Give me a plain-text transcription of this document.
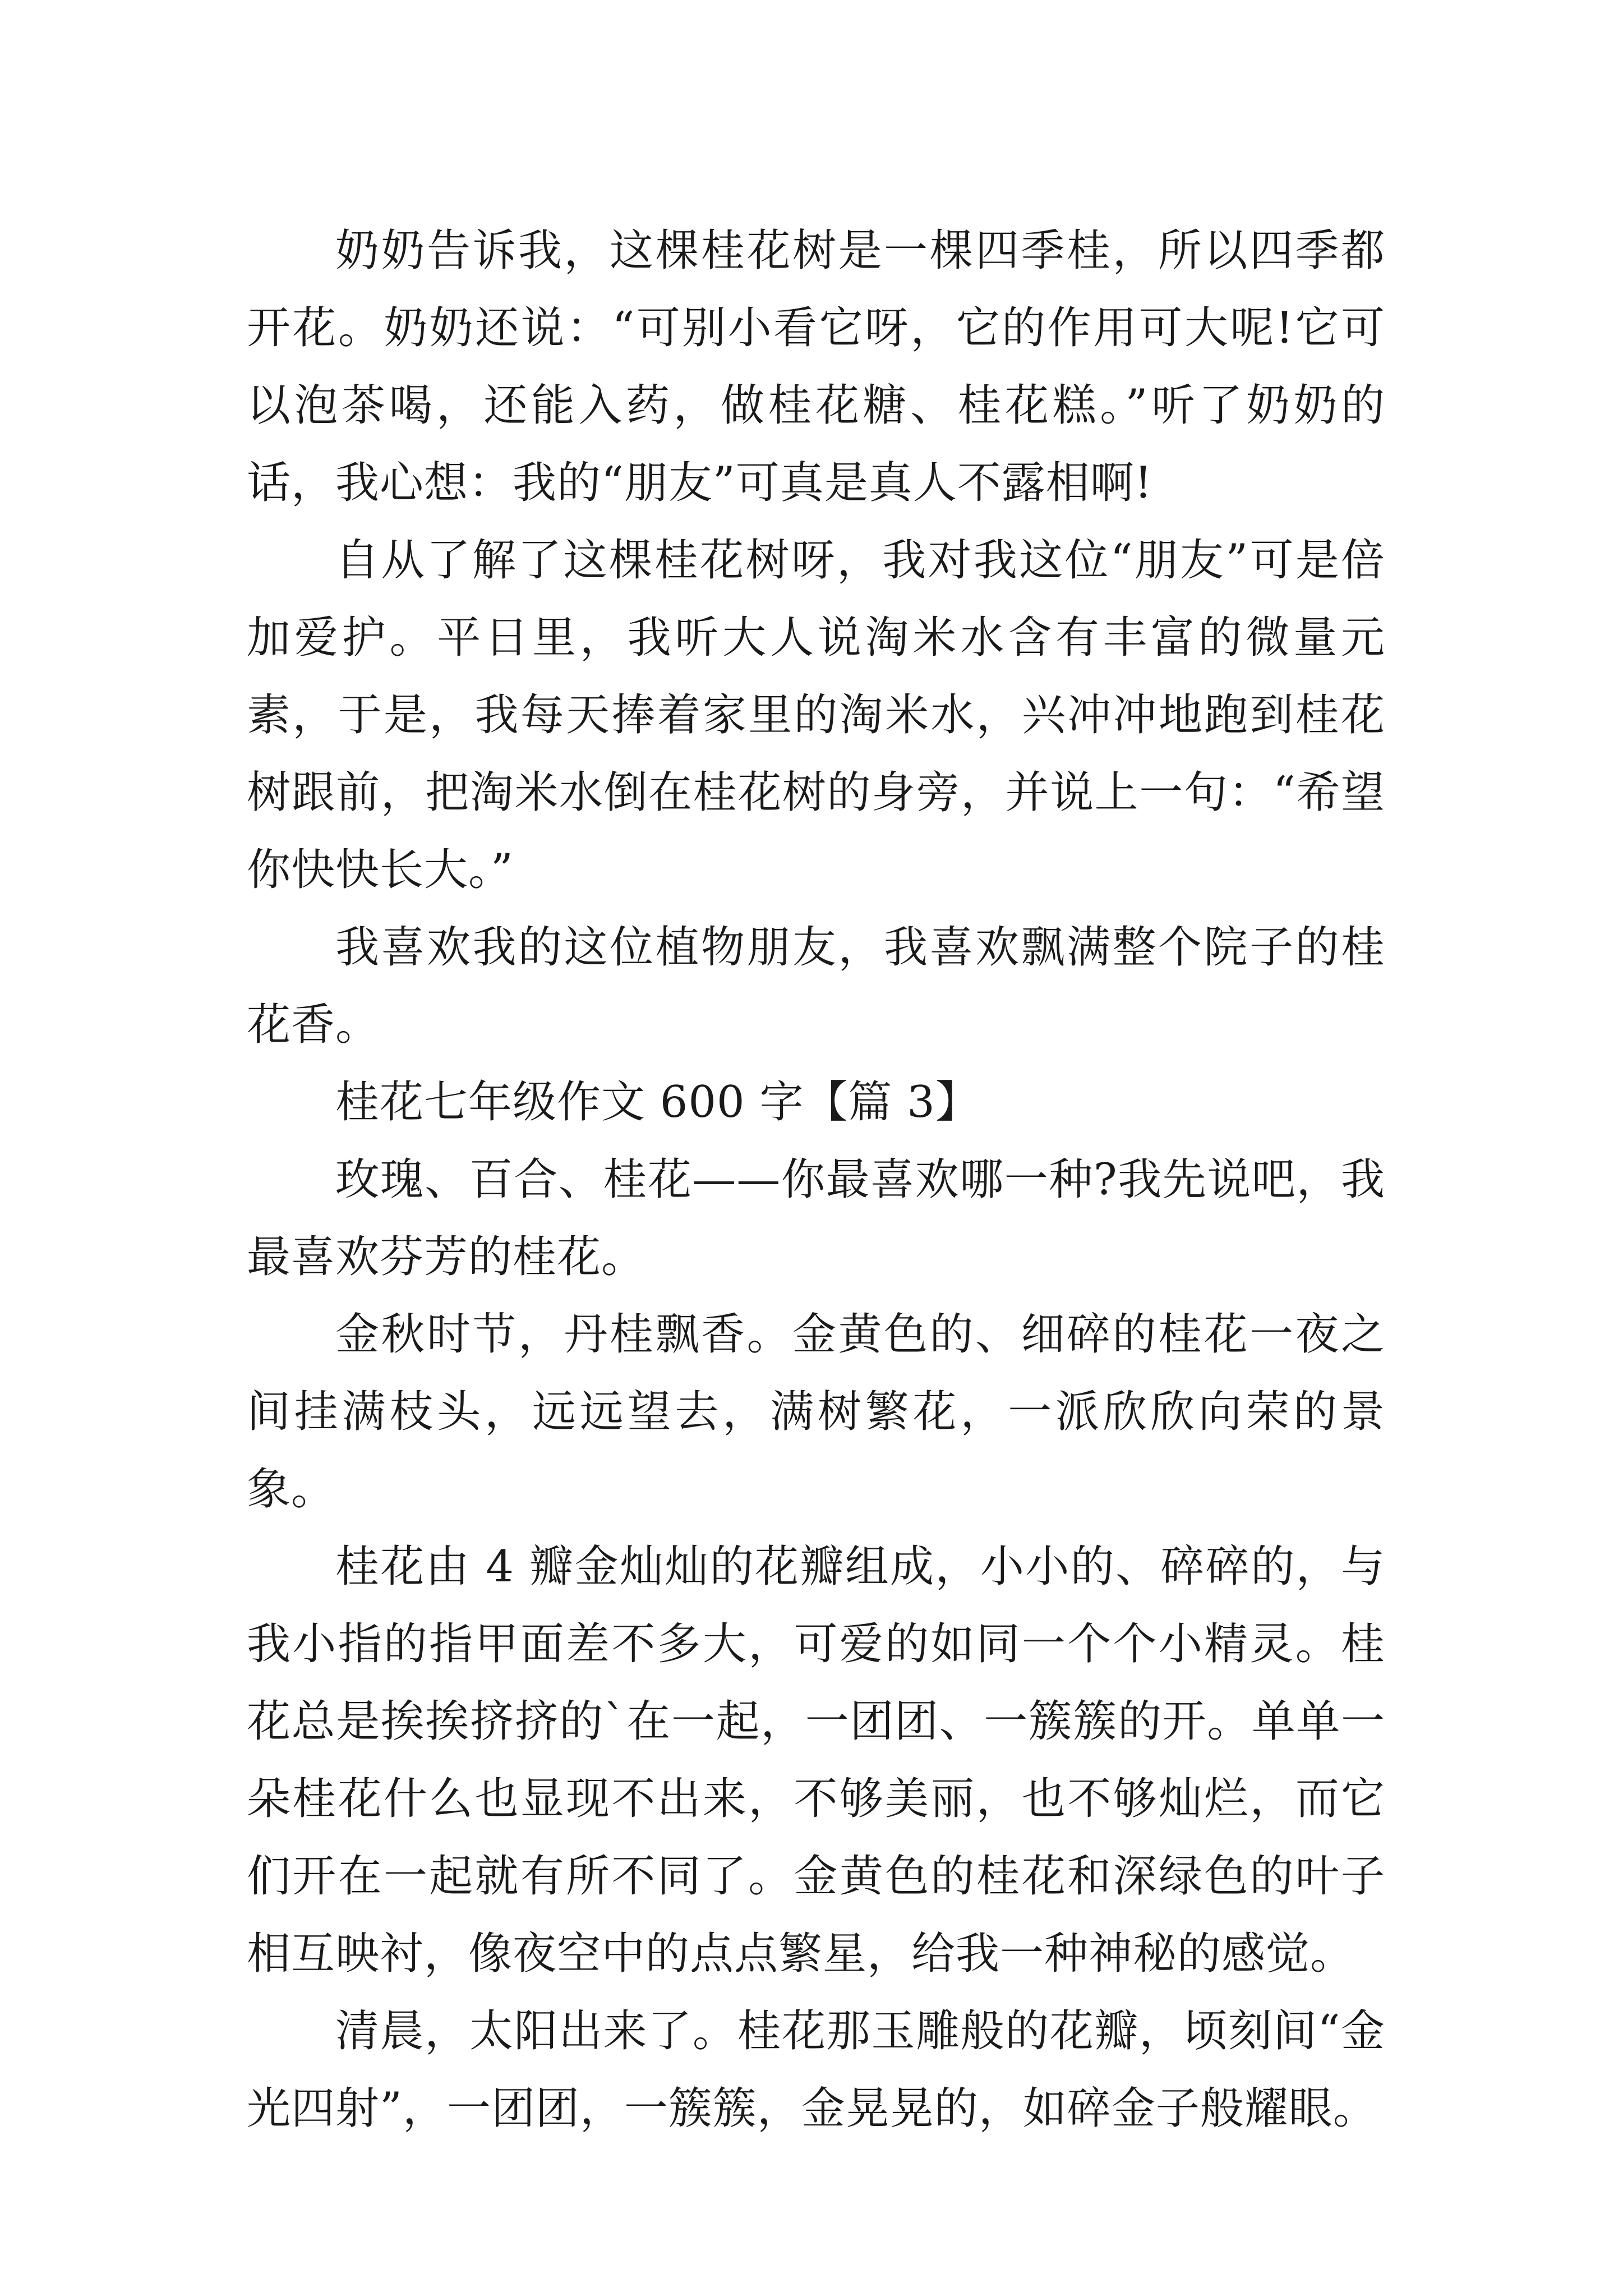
奶奶告诉我，这棵桂花树是一棵四季桂，所以四季都开花。奶奶还说：“可别小看它呀，它的作用可大呢!它可以泡茶喝，还能入药，做桂花糖、桂花糕。”听了奶奶的话，我心想：我的“朋友”可真是真人不露相啊!

自从了解了这棵桂花树呀，我对我这位“朋友”可是倍加爱护。平日里，我听大人说淘米水含有丰富的微量元素，于是，我每天捧着家里的淘米水，兴冲冲地跑到桂花树跟前，把淘米水倒在桂花树的身旁，并说上一句：“希望你快快长大。”

我喜欢我的这位植物朋友，我喜欢飘满整个院子的桂花香。

桂花七年级作文 600 字【篇 3】

玫瑰、百合、桂花——你最喜欢哪一种?我先说吧，我最喜欢芬芳的桂花。

金秋时节，丹桂飘香。金黄色的、细碎的桂花一夜之间挂满枝头，远远望去，满树繁花，一派欣欣向荣的景象。

桂花由 4 瓣金灿灿的花瓣组成，小小的、碎碎的，与我小指的指甲面差不多大，可爱的如同一个个小精灵。桂花总是挨挨挤挤的`在一起，一团团、一簇簇的开。单单一朵桂花什么也显现不出来，不够美丽，也不够灿烂，而它们开在一起就有所不同了。金黄色的桂花和深绿色的叶子相互映衬，像夜空中的点点繁星，给我一种神秘的感觉。

清晨，太阳出来了。桂花那玉雕般的花瓣，顷刻间“金光四射”，一团团，一簇簇，金晃晃的，如碎金子般耀眼。
